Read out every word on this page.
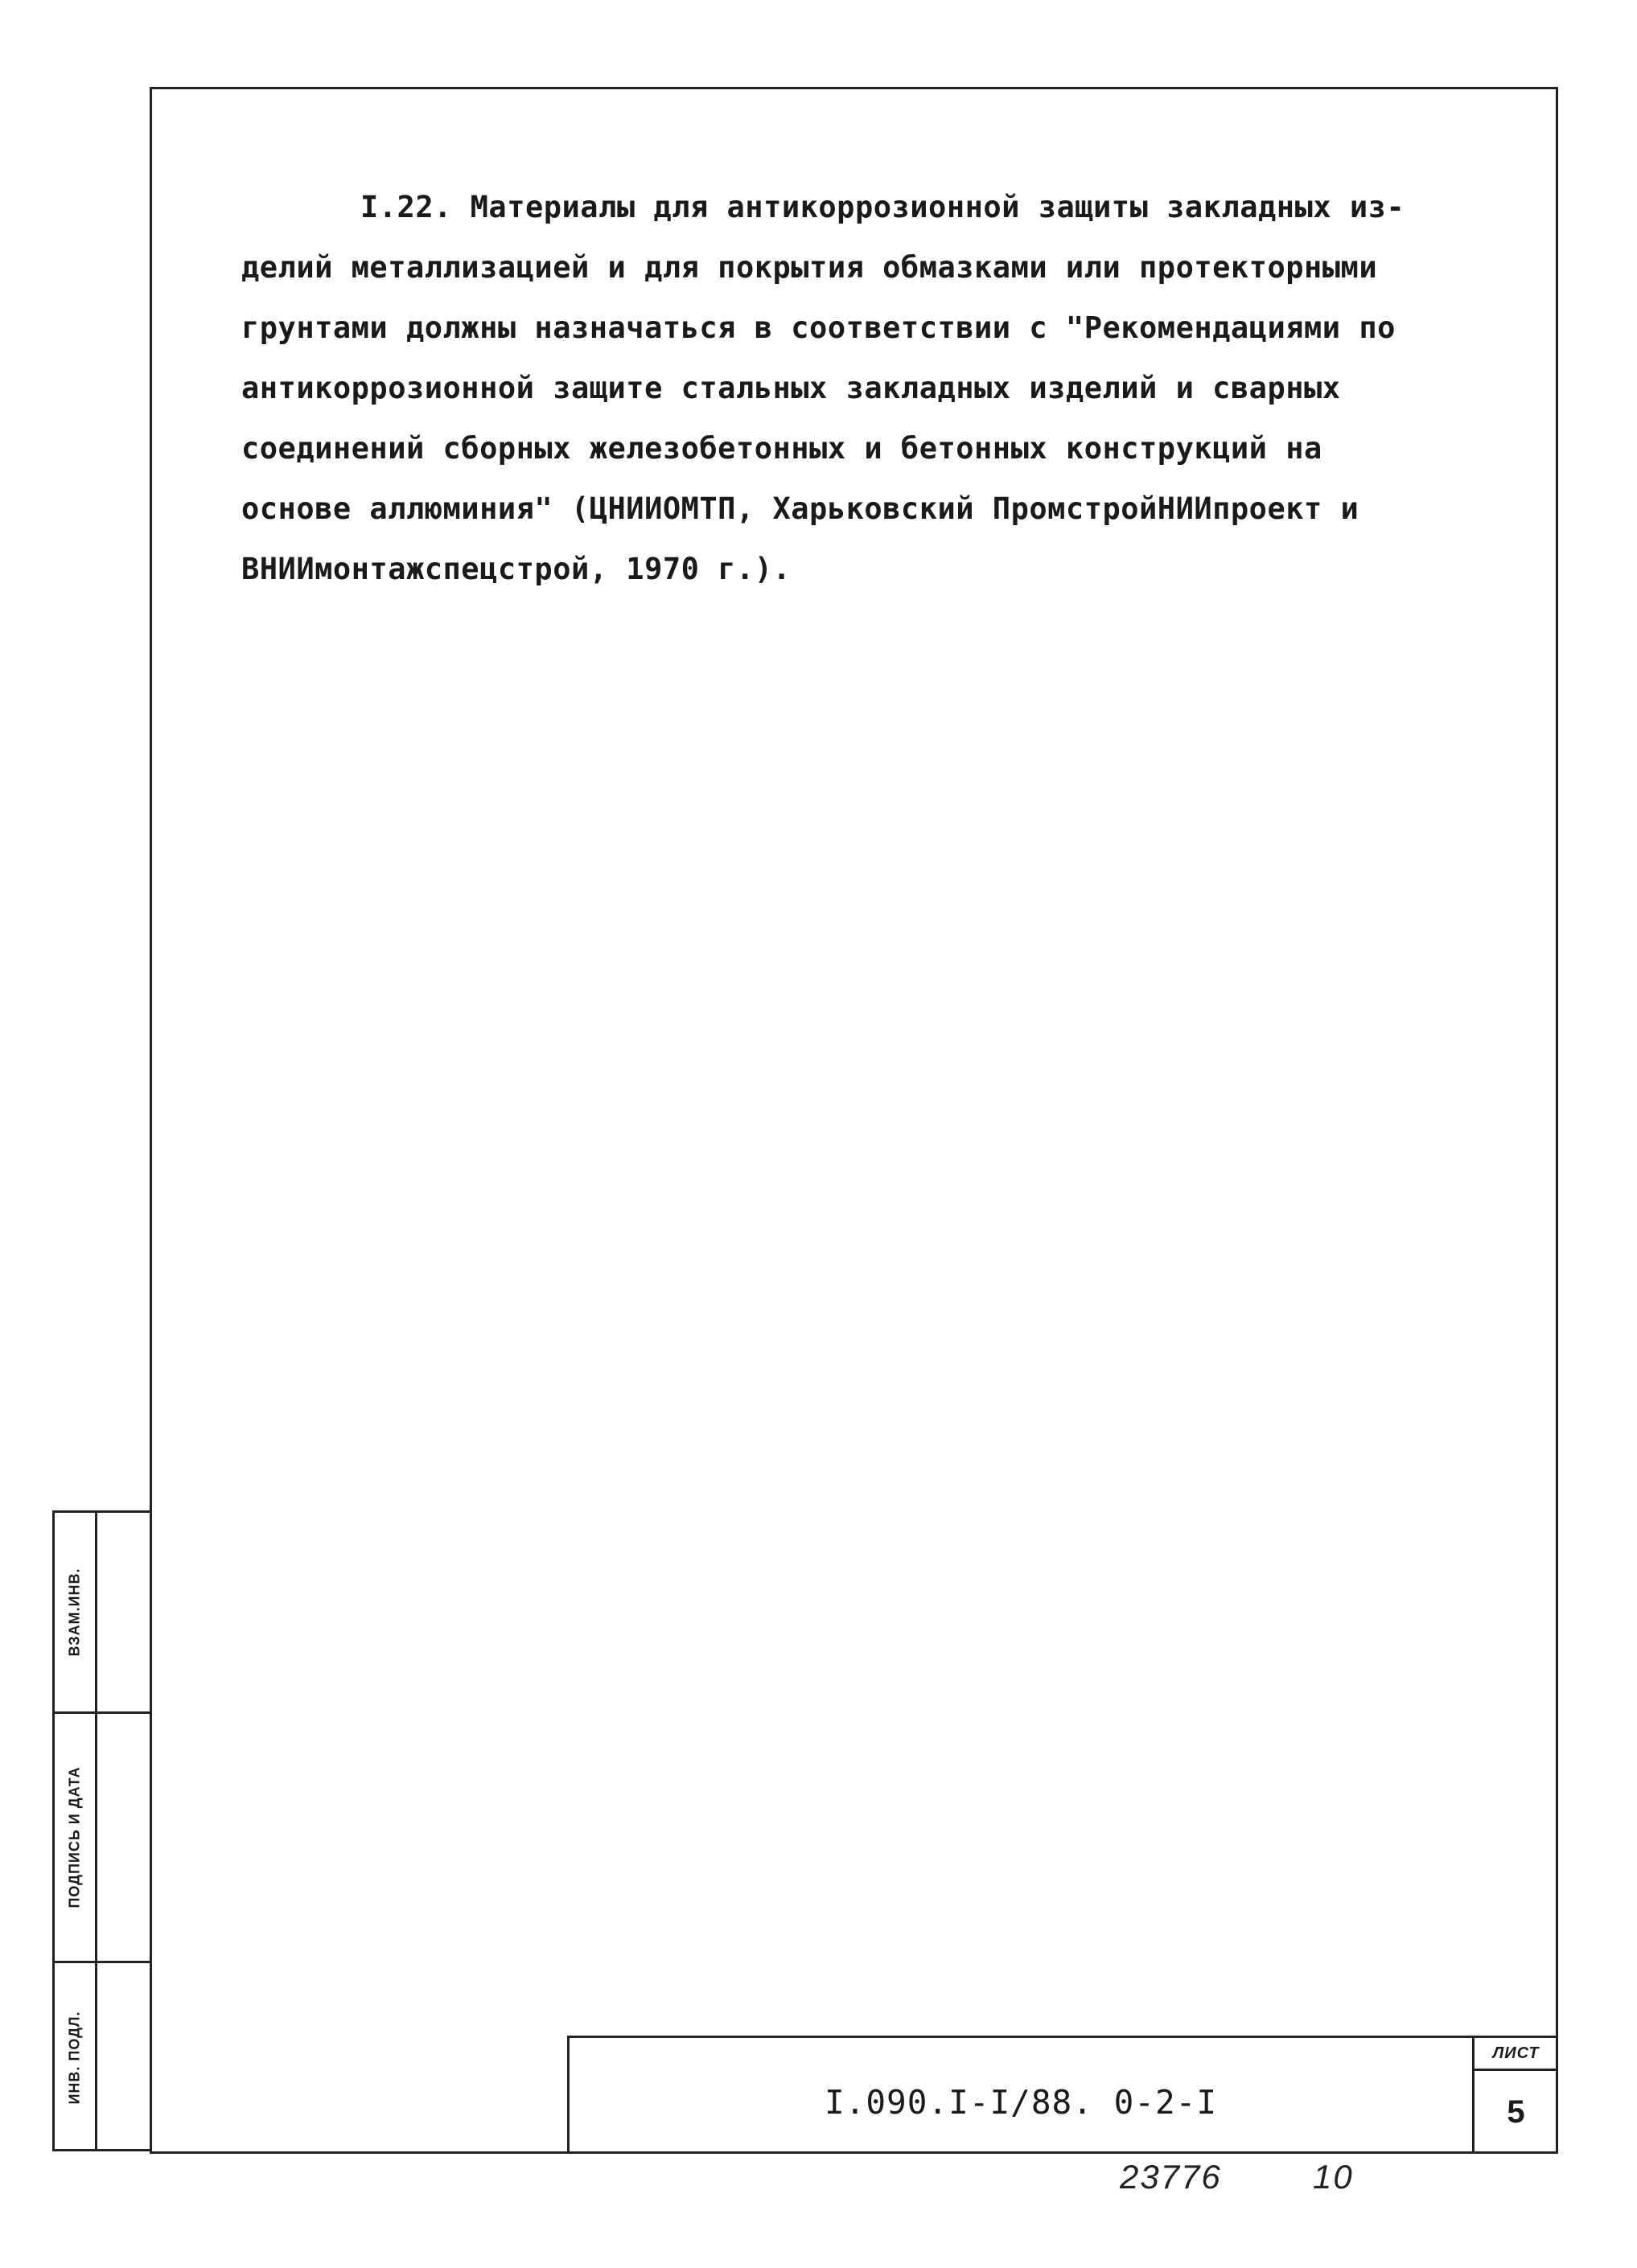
I.22. Материалы для антикоррозионной защиты закладных из-
делий металлизацией и для покрытия обмазками или протекторными
грунтами должны назначаться в соответствии с "Рекомендациями по
антикоррозионной защите стальных закладных изделий и сварных
соединений сборных железобетонных и бетонных конструкций на
основе аллюминия" (ЦНИИОМТП, Харьковский ПромстройНИИпроект и
ВНИИмонтажспецстрой, 1970 г.).
ВЗАМ.ИНВ.
ПОДПИСЬ И ДАТА
ИНВ. ПОДЛ.	I.090.I-I/88. 0-2-I
ЛИСТ
5
23776	10
